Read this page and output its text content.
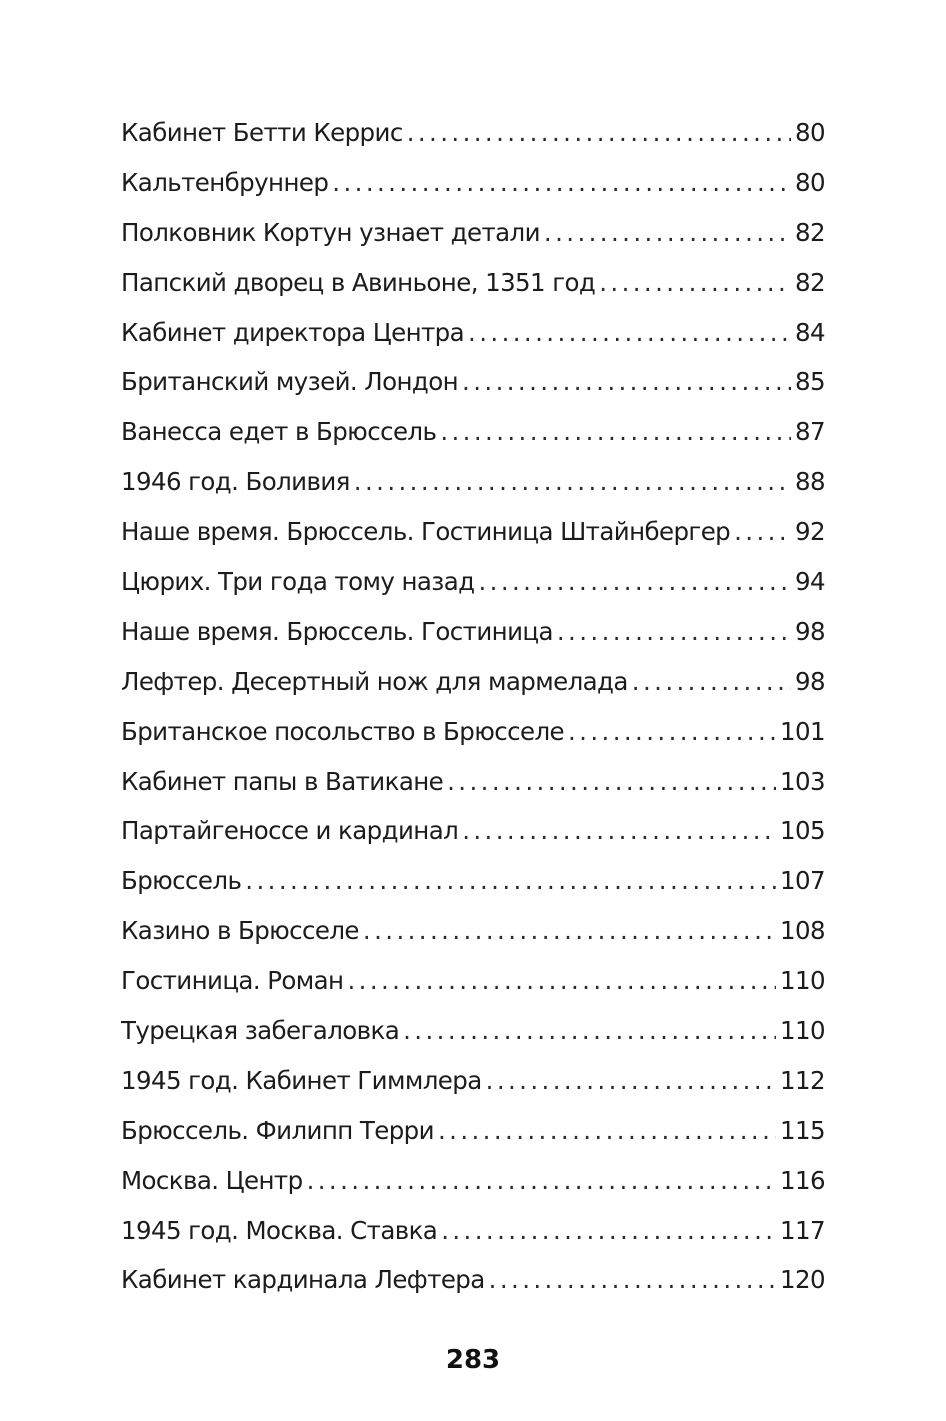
Кабинет Бетти Керрис . . .	80
Кальтенбруннер . . .	80
Полковник Кортун узнает детали . . .	82
Папский дворец в Авиньоне, 1351 год . . .	82
Кабинет директора Центра . . .	84
Британский музей. Лондон . . .	85
Ванесса едет в Брюссель . . .	87
1946 год. Боливия . . .	88
Наше время. Брюссель. Гостиница Штайнбергер . . .	92
Цюрих. Три года тому назад . . .	94
Наше время. Брюссель. Гостиница . . .	98
Лефтер. Десертный нож для мармелада . . .	98
Британское посольство в Брюсселе . . .	101
Кабинет папы в Ватикане . . .	103
Партайгеноссе и кардинал . . .	105
Брюссель . . .	107
Казино в Брюсселе . . .	108
Гостиница. Роман . . .	110
Турецкая забегаловка . . .	110
1945 год. Кабинет Гиммлера . . .	112
Брюссель. Филипп Терри . . .	115
Москва. Центр . . .	116
1945 год. Москва. Ставка . . .	117
Кабинет кардинала Лефтера . . .	120
283
